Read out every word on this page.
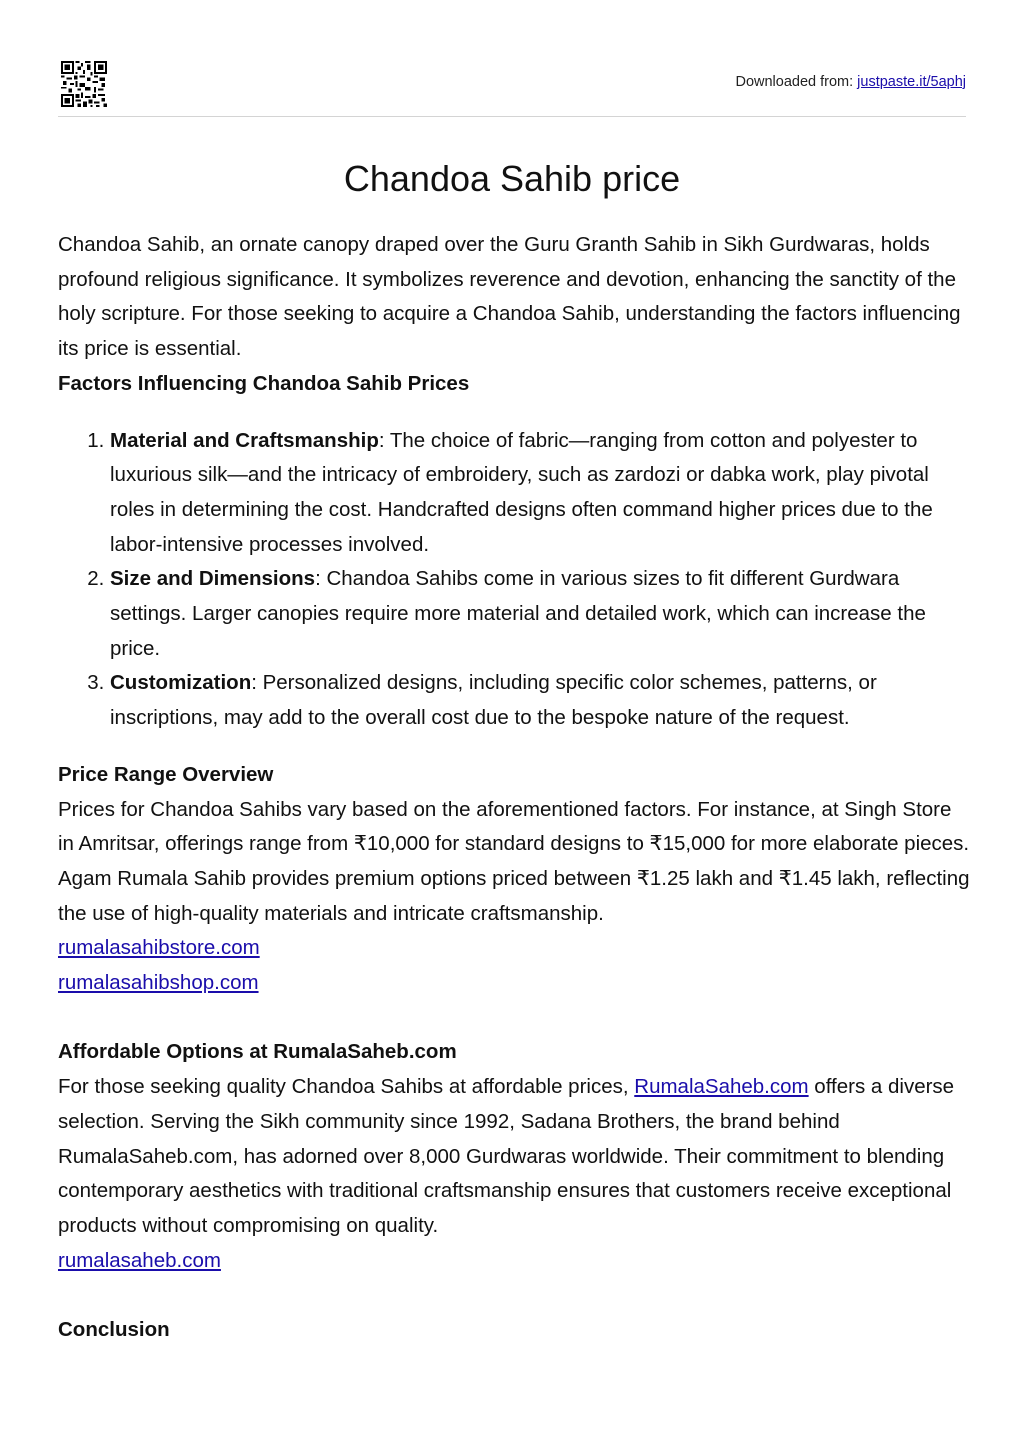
Downloaded from: justpaste.it/5aphj
Chandoa Sahib price

Chandoa Sahib, an ornate canopy draped over the Guru Granth Sahib in Sikh Gurdwaras, holds profound religious significance. It symbolizes reverence and devotion, enhancing the sanctity of the holy scripture. For those seeking to acquire a Chandoa Sahib, understanding the factors influencing its price is essential.

Factors Influencing Chandoa Sahib Prices

1. Material and Craftsmanship: The choice of fabric—ranging from cotton and polyester to luxurious silk—and the intricacy of embroidery, such as zardozi or dabka work, play pivotal roles in determining the cost. Handcrafted designs often command higher prices due to the labor-intensive processes involved.
2. Size and Dimensions: Chandoa Sahibs come in various sizes to fit different Gurdwara settings. Larger canopies require more material and detailed work, which can increase the price.
3. Customization: Personalized designs, including specific color schemes, patterns, or inscriptions, may add to the overall cost due to the bespoke nature of the request.

Price Range Overview

Prices for Chandoa Sahibs vary based on the aforementioned factors. For instance, at Singh Store in Amritsar, offerings range from ₹10,000 for standard designs to ₹15,000 for more elaborate pieces. Agam Rumala Sahib provides premium options priced between ₹1.25 lakh and ₹1.45 lakh, reflecting the use of high-quality materials and intricate craftsmanship.

rumalasahibstore.com

rumalasahibshop.com

Affordable Options at RumalaSaheb.com

For those seeking quality Chandoa Sahibs at affordable prices, RumalaSaheb.com offers a diverse selection. Serving the Sikh community since 1992, Sadana Brothers, the brand behind RumalaSaheb.com, has adorned over 8,000 Gurdwaras worldwide. Their commitment to blending contemporary aesthetics with traditional craftsmanship ensures that customers receive exceptional products without compromising on quality.

rumalasaheb.com

Conclusion
